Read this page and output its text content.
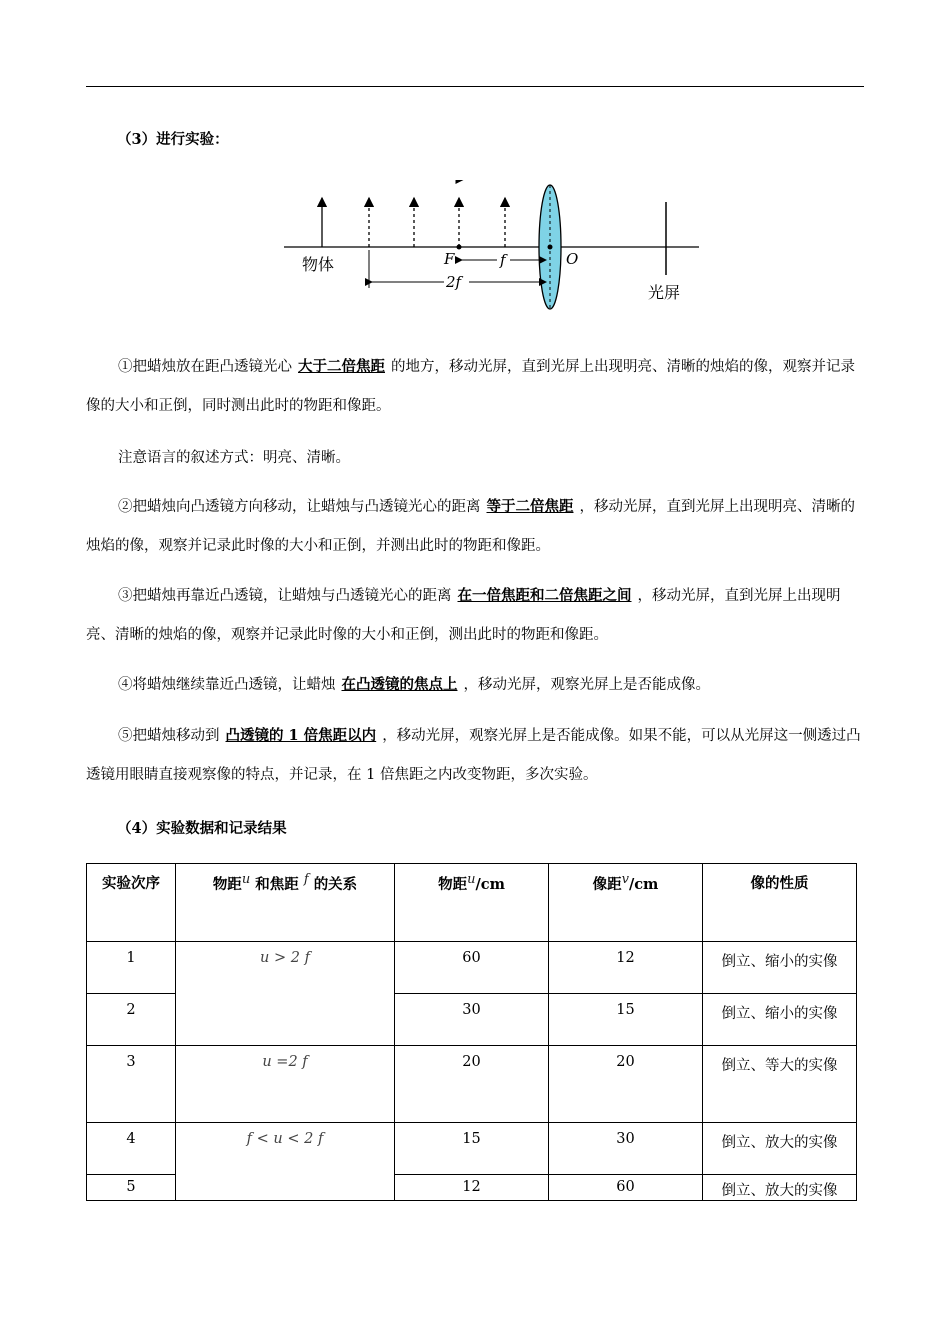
（3）进行实验：
物体	F	f	O
2f
光屏

①把蜡烛放在距凸透镜光心 大于二倍焦距 的地方，移动光屏，直到光屏上出现明亮、清晰的烛焰的像，观察并记录像的大小和正倒，同时测出此时的物距和像距。

注意语言的叙述方式：明亮、清晰。

②把蜡烛向凸透镜方向移动，让蜡烛与凸透镜光心的距离 等于二倍焦距 ，移动光屏，直到光屏上出现明亮、清晰的烛焰的像，观察并记录此时像的大小和正倒，并测出此时的物距和像距。

③把蜡烛再靠近凸透镜，让蜡烛与凸透镜光心的距离 在一倍焦距和二倍焦距之间 ，移动光屏，直到光屏上出现明亮、清晰的烛焰的像，观察并记录此时像的大小和正倒，测出此时的物距和像距。

④将蜡烛继续靠近凸透镜，让蜡烛 在凸透镜的焦点上 ，移动光屏，观察光屏上是否能成像。

⑤把蜡烛移动到 凸透镜的 1 倍焦距以内 ，移动光屏，观察光屏上是否能成像。如果不能，可以从光屏这一侧透过凸透镜用眼睛直接观察像的特点，并记录，在 1 倍焦距之内改变物距，多次实验。

（4）实验数据和记录结果
实验次序	物距u 和焦距 f 的关系	物距u/cm	像距v/cm	像的性质
1	u > 2 f	60	12	倒立、缩小的实像
2		30	15	倒立、缩小的实像
3	u =2 f	20	20	倒立、等大的实像
4	f < u < 2 f	15	30	倒立、放大的实像
5		12	60	倒立、放大的实像
